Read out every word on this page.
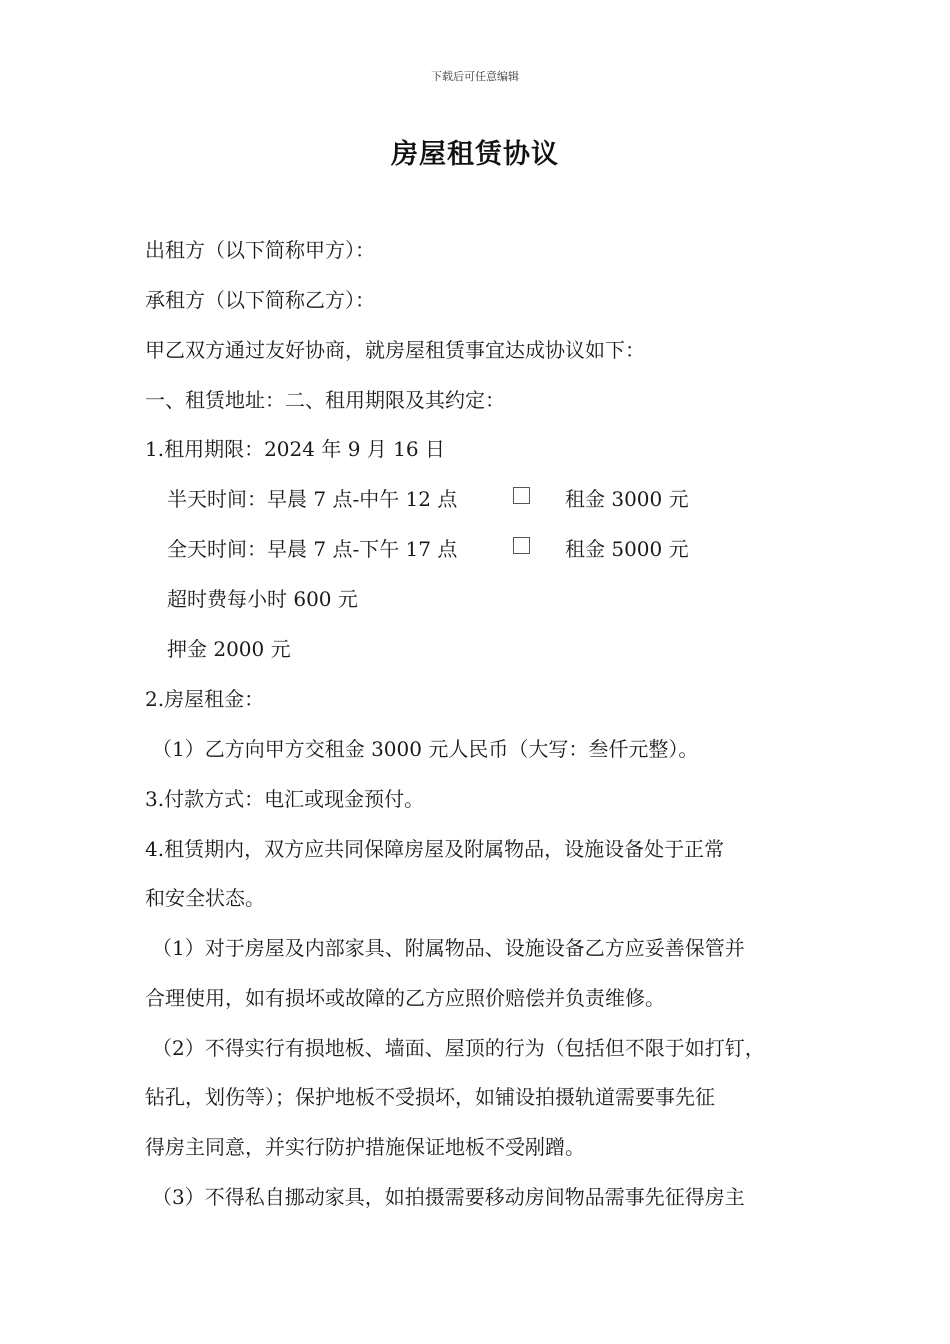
下载后可任意编辑
房屋租赁协议
出租方（以下简称甲方）：
承租方（以下简称乙方）：
甲乙双方通过友好协商，就房屋租赁事宜达成协议如下：
一、租赁地址：二、租用期限及其约定：
1.租用期限：2024 年 9 月 16 日
半天时间：早晨 7 点-中午 12 点	租金 3000 元
全天时间：早晨 7 点-下午 17 点	租金 5000 元
超时费每小时 600 元
押金 2000 元
2.房屋租金：
（1）乙方向甲方交租金 3000 元人民币（大写：叁仟元整）。
3.付款方式：电汇或现金预付。
4.租赁期内，双方应共同保障房屋及附属物品，设施设备处于正常
和安全状态。
（1）对于房屋及内部家具、附属物品、设施设备乙方应妥善保管并
合理使用，如有损坏或故障的乙方应照价赔偿并负责维修。
（2）不得实行有损地板、墙面、屋顶的行为（包括但不限于如打钉，
钻孔，划伤等）；保护地板不受损坏，如铺设拍摄轨道需要事先征
得房主同意，并实行防护措施保证地板不受剐蹭。
（3）不得私自挪动家具，如拍摄需要移动房间物品需事先征得房主
